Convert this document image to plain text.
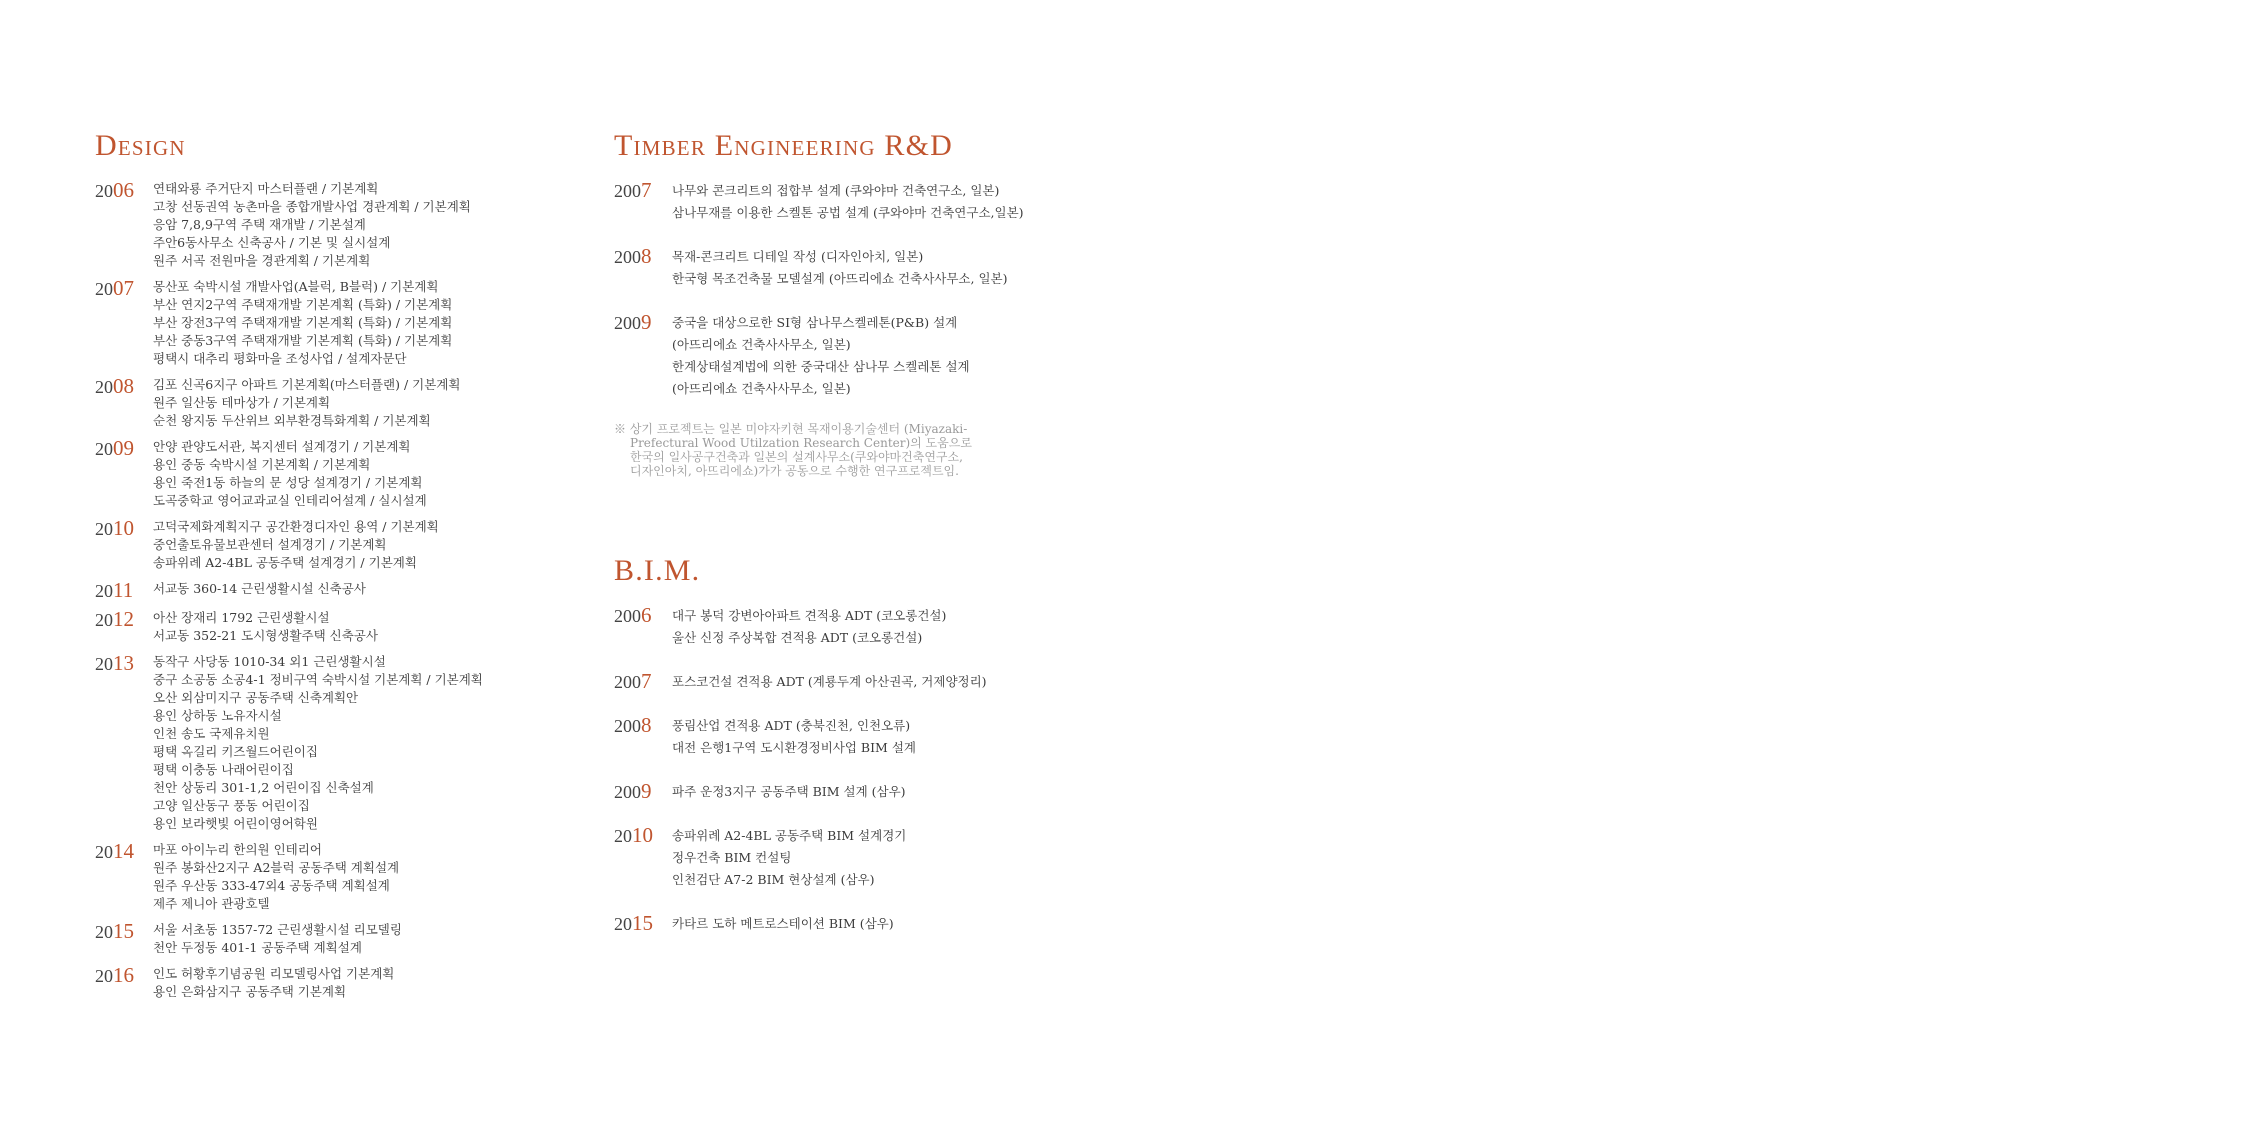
Design
2006	연태와룡 주거단지 마스터플랜 / 기본계획
고창 선동권역 농촌마을 종합개발사업 경관계획 / 기본계획
응암 7,8,9구역 주택 재개발 / 기본설계
주안6동사무소 신축공사 / 기본 및 실시설계
원주 서곡 전원마을 경관계획 / 기본계획
2007	몽산포 숙박시설 개발사업(A블럭, B블럭) / 기본계획
부산 연지2구역 주택재개발 기본계획 (특화) / 기본계획
부산 장전3구역 주택재개발 기본계획 (특화) / 기본계획
부산 중동3구역 주택재개발 기본계획 (특화) / 기본계획
평택시 대추리 평화마을 조성사업 / 설계자문단
2008	김포 신곡6지구 아파트 기본계획(마스터플랜) / 기본계획
원주 일산동 테마상가 / 기본계획
순천 왕지동 두산위브 외부환경특화계획 / 기본계획
2009	안양 관양도서관, 복지센터 설계경기 / 기본계획
용인 중동 숙박시설 기본계획 / 기본계획
용인 죽전1동 하늘의 문 성당 설계경기 / 기본계획
도곡중학교 영어교과교실 인테리어설계 / 실시설계
2010	고덕국제화계획지구 공간환경디자인 용역 / 기본계획
중언출토유물보관센터 설계경기 / 기본계획
송파위례 A2-4BL 공동주택 설계경기 / 기본계획
2011	서교동 360-14 근린생활시설 신축공사
2012	아산 장재리 1792 근린생활시설
서교동 352-21 도시형생활주택 신축공사
2013	동작구 사당동 1010-34 외1 근린생활시설
중구 소공동 소공4-1 정비구역 숙박시설 기본계획 / 기본계획
오산 외삼미지구 공동주택 신축계획안
용인 상하동 노유자시설
인천 송도 국제유치원
평택 옥길리 키즈월드어린이집
평택 이충동 나래어린이집
천안 상동리 301-1,2 어린이집 신축설계
고양 일산동구 풍동 어린이집
용인 보라햇빛 어린이영어학원
2014	마포 아이누리 한의원 인테리어
원주 봉화산2지구 A2블럭 공동주택 계획설계
원주 우산동 333-47외4 공동주택 계획설계
제주 제니아 관광호텔
2015	서울 서초동 1357-72 근린생활시설 리모델링
천안 두정동 401-1 공동주택 계획설계
2016	인도 허황후기념공원 리모델링사업 기본계획
용인 은화삼지구 공동주택 기본계획
Timber Engineering R&D
2007	나무와 콘크리트의 접합부 설계 (쿠와야마 건축연구소, 일본)
삼나무재를 이용한 스켈톤 공법 설계 (쿠와야마 건축연구소,일본)
2008	목재-콘크리트 디테일 작성 (디자인아치, 일본)
한국형 목조건축물 모델설계 (아뜨리에쇼 건축사사무소, 일본)
2009	중국을 대상으로한 SI형 삼나무스켈레톤(P&B) 설계
(아뜨리에쇼 건축사사무소, 일본)
한계상태설계법에 의한 중국대산 삼나무 스켈레톤 설계
(아뜨리에쇼 건축사사무소, 일본)
※ 상기 프로젝트는 일본 미야자키현 목재이용기술센터 (Miyazaki-
Prefectural Wood Utilzation Research Center)의 도움으로
한국의 일사공구건축과 일본의 설계사무소(쿠와야마건축연구소,
디자인아치, 아뜨리에쇼)가가 공동으로 수행한 연구프로젝트임.
B.I.M.
2006	대구 봉덕 강변아아파트 견적용 ADT (코오롱건설)
울산 신정 주상복합 견적용 ADT (코오롱건설)
2007	포스코건설 견적용 ADT (계룡두계 아산권곡, 거제양정리)
2008	풍림산업 견적용 ADT (충북진천, 인천오류)
대전 은행1구역 도시환경정비사업 BIM 설계
2009	파주 운정3지구 공동주택 BIM 설계 (삼우)
2010	송파위례 A2-4BL 공동주택 BIM 설계경기
정우건축 BIM 컨설팅
인천검단 A7-2 BIM 현상설계 (삼우)
2015	카타르 도하 메트로스테이션 BIM (삼우)
